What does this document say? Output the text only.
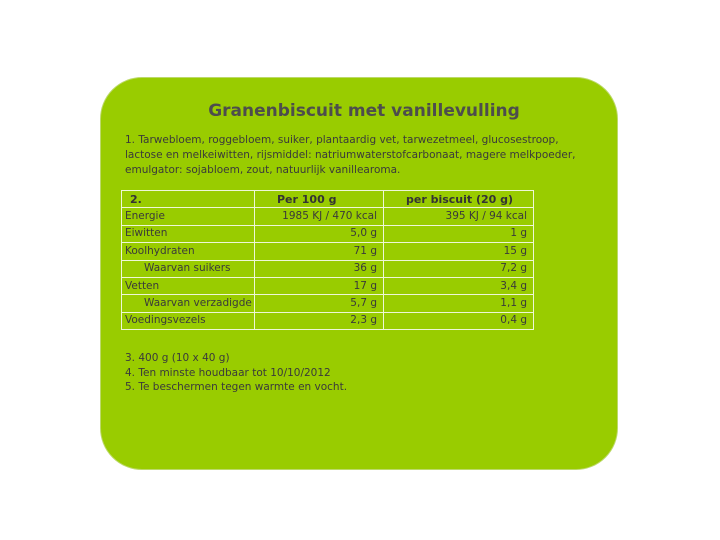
Granenbiscuit met vanillevulling
1. Tarwebloem, roggebloem, suiker, plantaardig vet, tarwezetmeel, glucosestroop,
lactose en melkeiwitten, rijsmiddel: natriumwaterstofcarbonaat, magere melkpoeder,
emulgator: sojabloem, zout, natuurlijk vanillearoma.
2.	Per 100 g	per biscuit (20 g)
Energie	1985 KJ / 470 kcal	395 KJ / 94 kcal
Eiwitten	5,0 g	1 g
Koolhydraten	71 g	15 g
Waarvan suikers	36 g	7,2 g
Vetten	17 g	3,4 g
Waarvan verzadigde	5,7 g	1,1 g
Voedingsvezels	2,3 g	0,4 g
3. 400 g (10 x 40 g)
4. Ten minste houdbaar tot 10/10/2012
5. Te beschermen tegen warmte en vocht.
